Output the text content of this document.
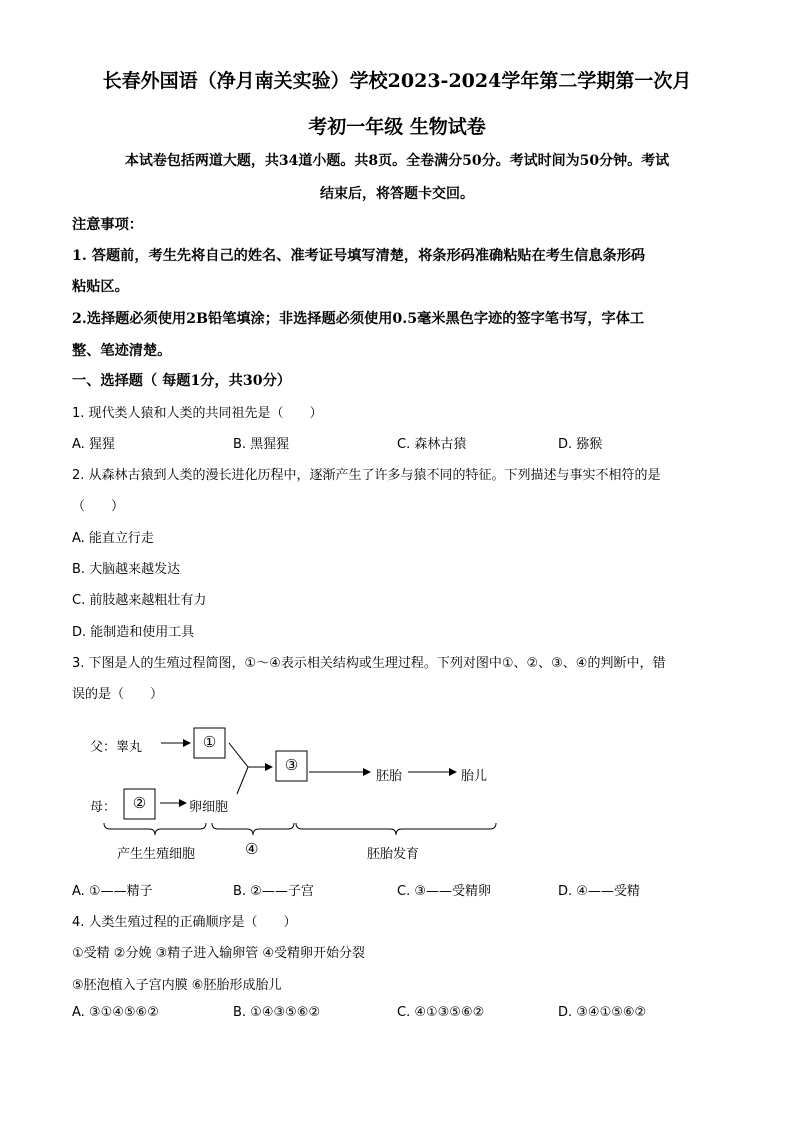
长春外国语（净月南关实验）学校2023-2024学年第二学期第一次月
考初一年级 生物试卷
本试卷包括两道大题，共34道小题。共8页。全卷满分50分。考试时间为50分钟。考试
结束后，将答题卡交回。
注意事项：
1. 答题前，考生先将自己的姓名、准考证号填写清楚，将条形码准确粘贴在考生信息条形码
粘贴区。
2.选择题必须使用2B铅笔填涂；非选择题必须使用0.5毫米黑色字迹的签字笔书写，字体工
整、笔迹清楚。
一、选择题（ 每题1分，共30分）
1. 现代类人猿和人类的共同祖先是（　　）
A. 猩猩	B. 黑猩猩	C. 森林古猿	D. 猕猴
2. 从森林古猿到人类的漫长进化历程中，逐渐产生了许多与猿不同的特征。下列描述与事实不相符的是
（　　）
A. 能直立行走
B. 大脑越来越发达
C. 前肢越来越粗壮有力
D. 能制造和使用工具
3. 下图是人的生殖过程简图，①～④表示相关结构或生理过程。下列对图中①、②、③、④的判断中，错
误的是（　　）
父：睾丸	①
母：	②	卵细胞
③
胚胎	胎儿
产生生殖细胞	④	胚胎发育
A. ①——精子	B. ②——子宫	C. ③——受精卵	D. ④——受精
4. 人类生殖过程的正确顺序是（　　）
①受精 ②分娩 ③精子进入输卵管 ④受精卵开始分裂
⑤胚泡植入子宫内膜 ⑥胚胎形成胎儿
A. ③①④⑤⑥②	B. ①④③⑤⑥②	C. ④①③⑤⑥②	D. ③④①⑤⑥②
